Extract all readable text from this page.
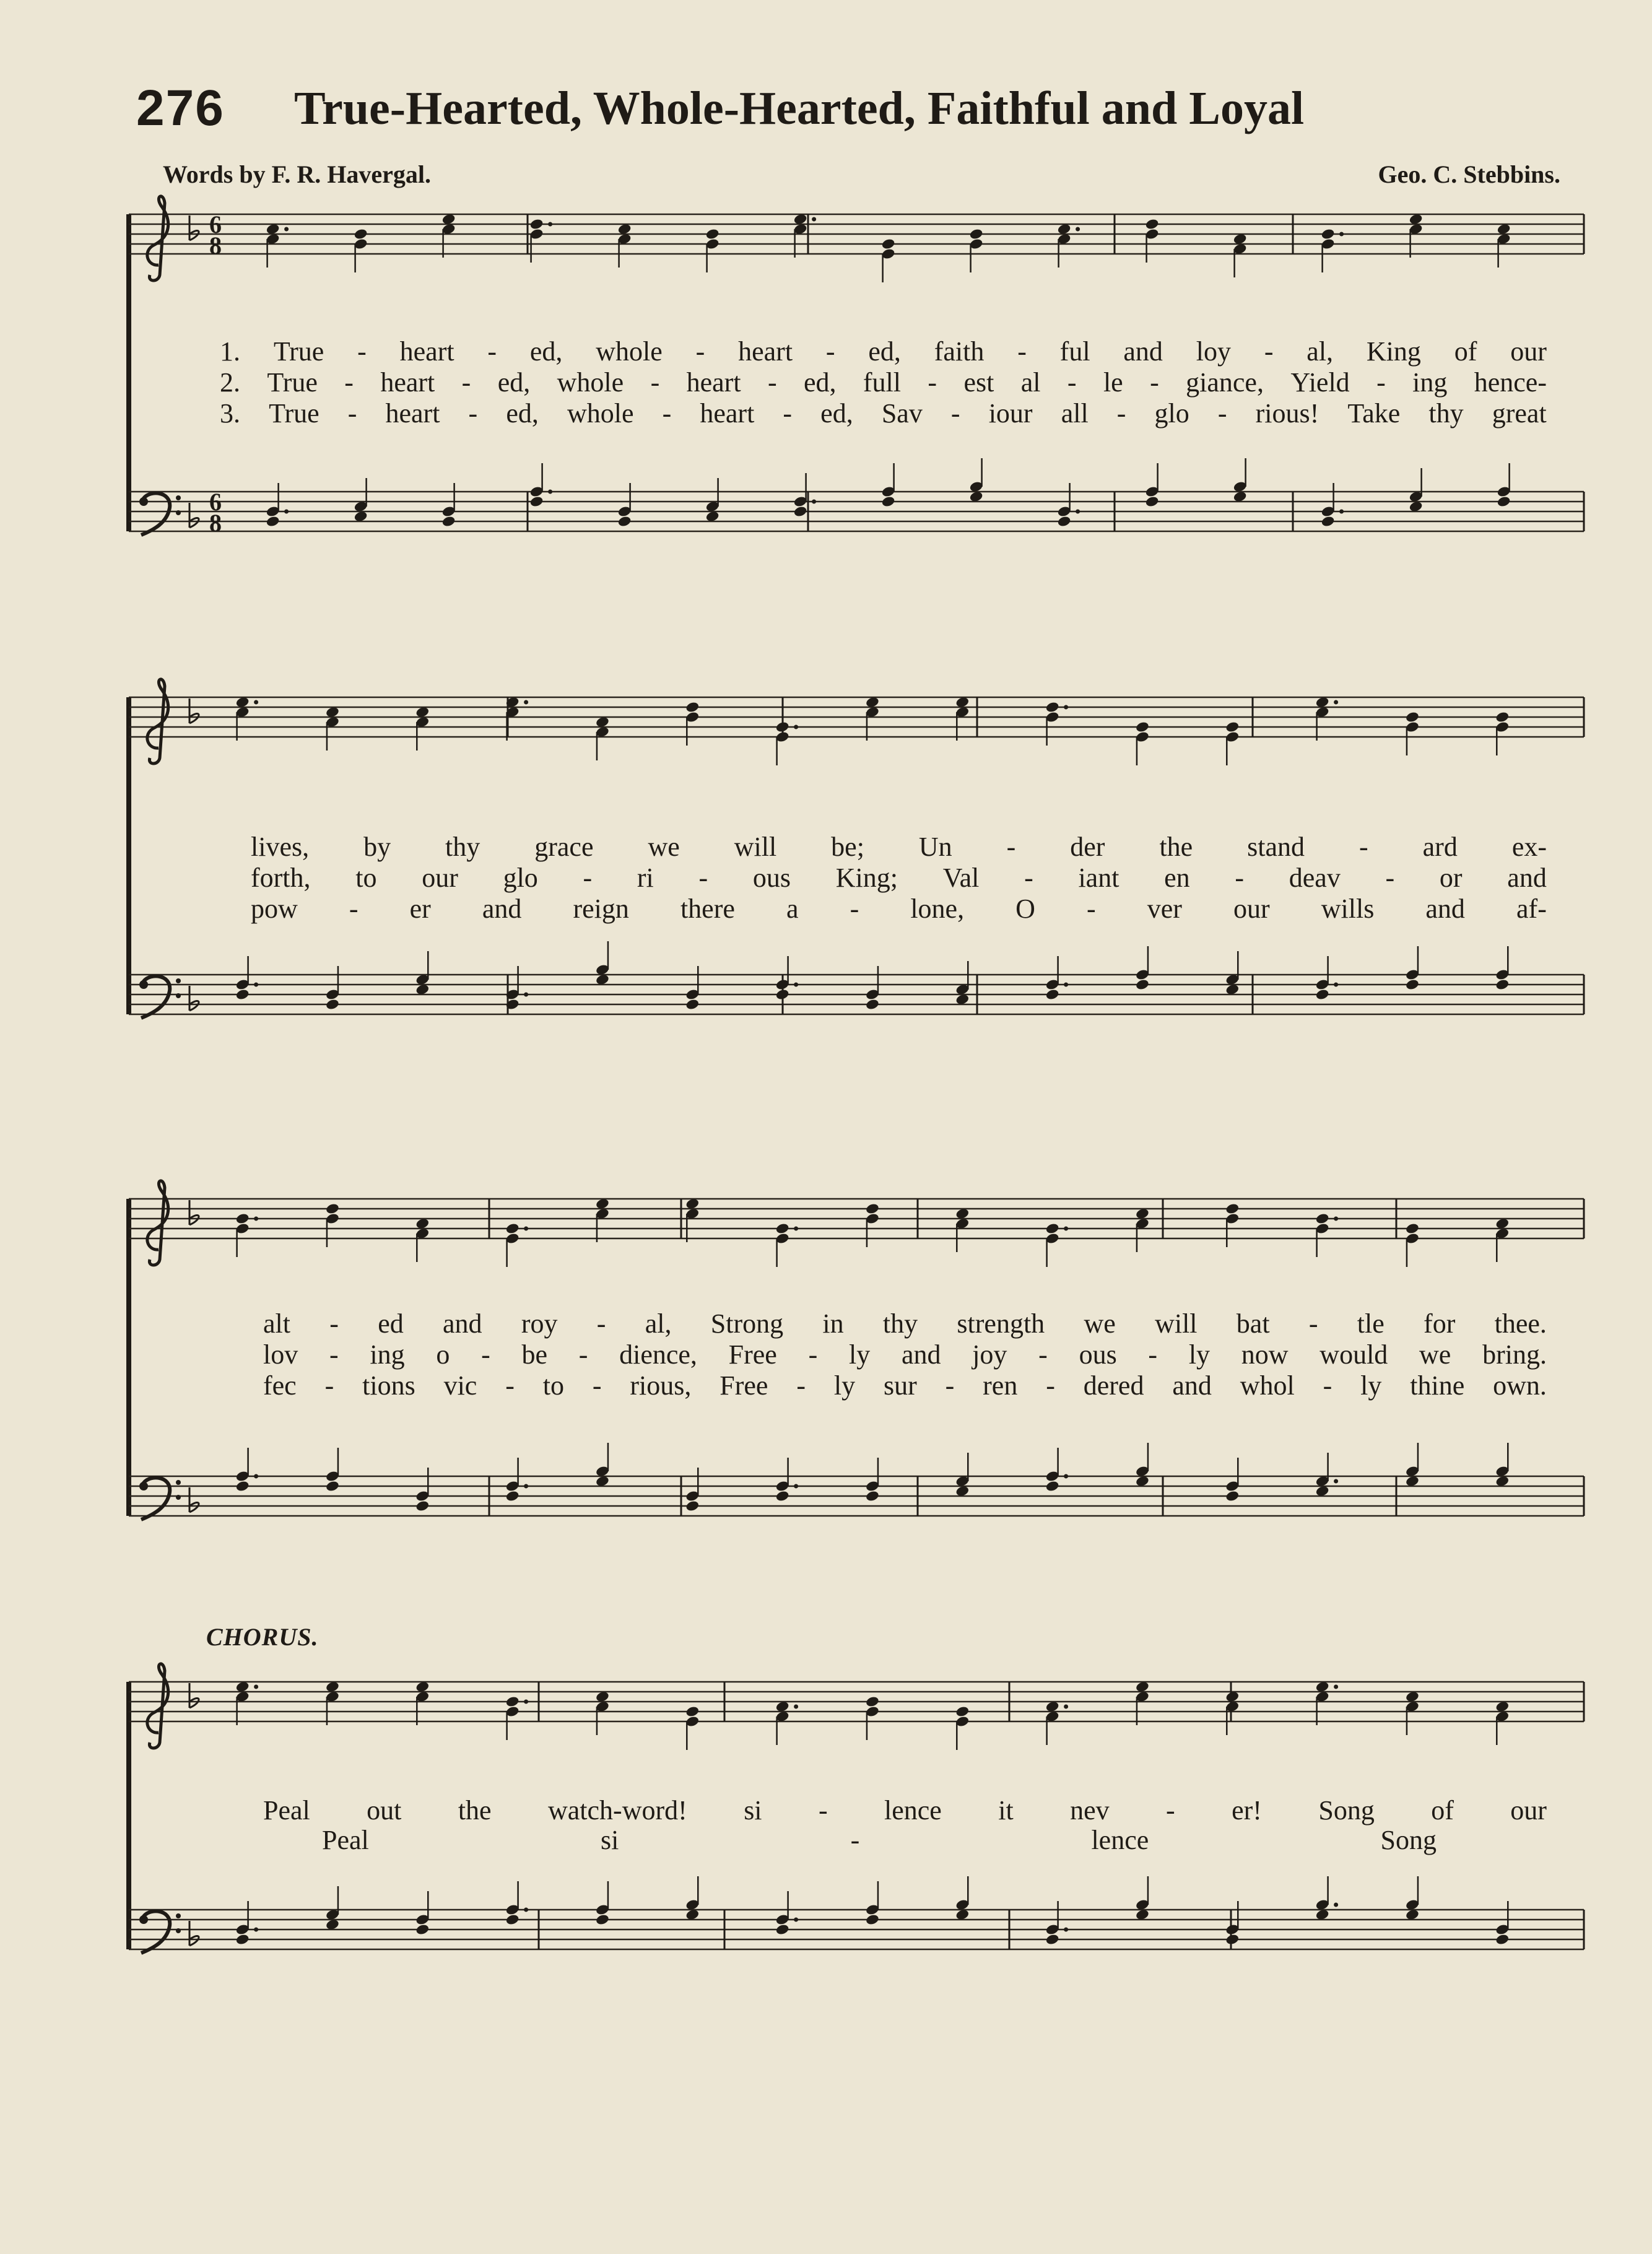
276 True-Hearted, Whole-Hearted, Faithful and Loyal
Words by F. R. Havergal.	Geo. C. Stebbins.
6
8
6
8
1. True - heart - ed, whole - heart - ed, faith - ful and loy - al, King of our
2. True - heart - ed, whole - heart - ed, full - est al - le - giance, Yield - ing hence-
3. True - heart - ed, whole - heart - ed, Sav - iour all - glo - rious! Take thy great
lives, by thy grace we will be; Un - der the stand - ard ex-
forth, to our glo - ri - ous King; Val - iant en - deav - or and
pow - er and reign there a - lone, O - ver our wills and af-
alt - ed and roy - al, Strong in thy strength we will bat - tle for thee.
lov - ing o - be - dience, Free - ly and joy - ous - ly now would we bring.
fec - tions vic - to - rious, Free - ly sur - ren - dered and whol - ly thine own.
CHORUS.
Peal out the watch-word! si - lence it nev - er! Song of our
Peal	si	-	lence	Song
